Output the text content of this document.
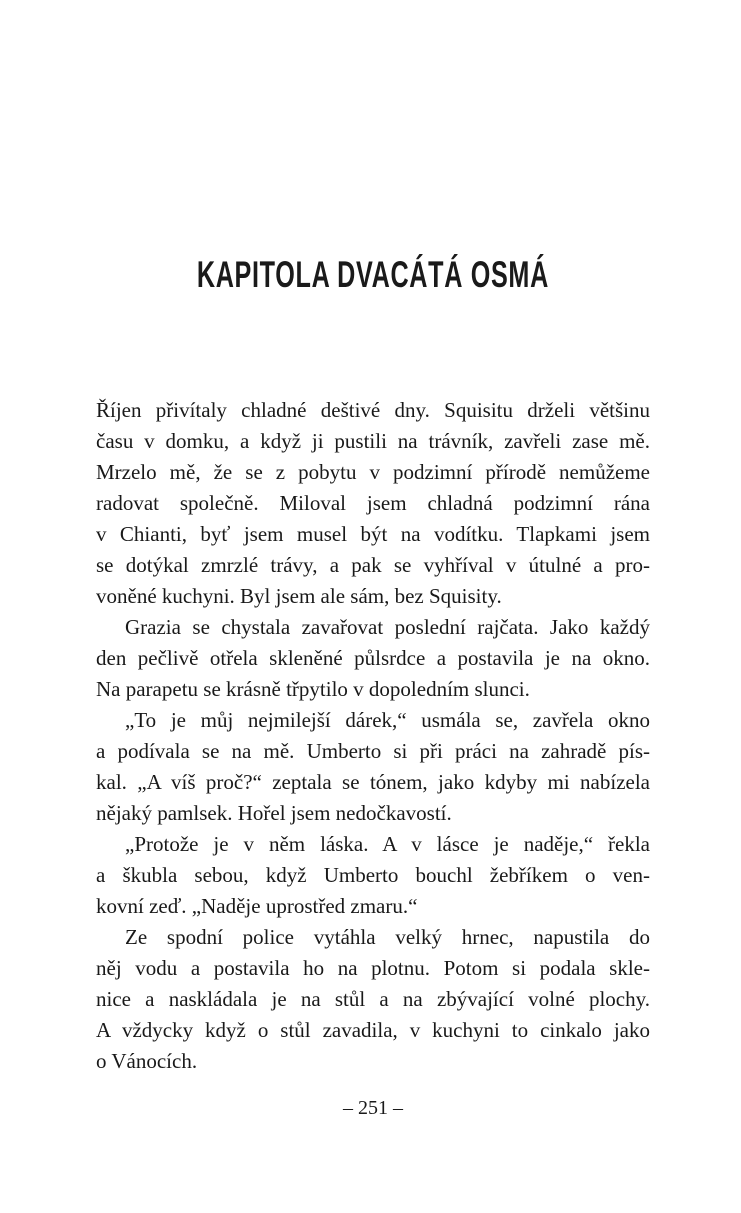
KAPITOLA DVACÁTÁ OSMÁ
Říjen přivítaly chladné deštivé dny. Squisitu drželi většinu
času v domku, a když ji pustili na trávník, zavřeli zase mě.
Mrzelo mě, že se z pobytu v podzimní přírodě nemůžeme
radovat společně. Miloval jsem chladná podzimní rána
v Chianti, byť jsem musel být na vodítku. Tlapkami jsem
se dotýkal zmrzlé trávy, a pak se vyhříval v útulné a pro-
voněné kuchyni. Byl jsem ale sám, bez Squisity.
Grazia se chystala zavařovat poslední rajčata. Jako každý
den pečlivě otřela skleněné půlsrdce a postavila je na okno.
Na parapetu se krásně třpytilo v dopoledním slunci.
„To je můj nejmilejší dárek,“ usmála se, zavřela okno
a podívala se na mě. Umberto si při práci na zahradě pís-
kal. „A víš proč?“ zeptala se tónem, jako kdyby mi nabízela
nějaký pamlsek. Hořel jsem nedočkavostí.
„Protože je v něm láska. A v lásce je naděje,“ řekla
a škubla sebou, když Umberto bouchl žebříkem o ven-
kovní zeď. „Naděje uprostřed zmaru.“
Ze spodní police vytáhla velký hrnec, napustila do
něj vodu a postavila ho na plotnu. Potom si podala skle-
nice a naskládala je na stůl a na zbývající volné plochy.
A vždycky když o stůl zavadila, v kuchyni to cinkalo jako
o Vánocích.
– 251 –
